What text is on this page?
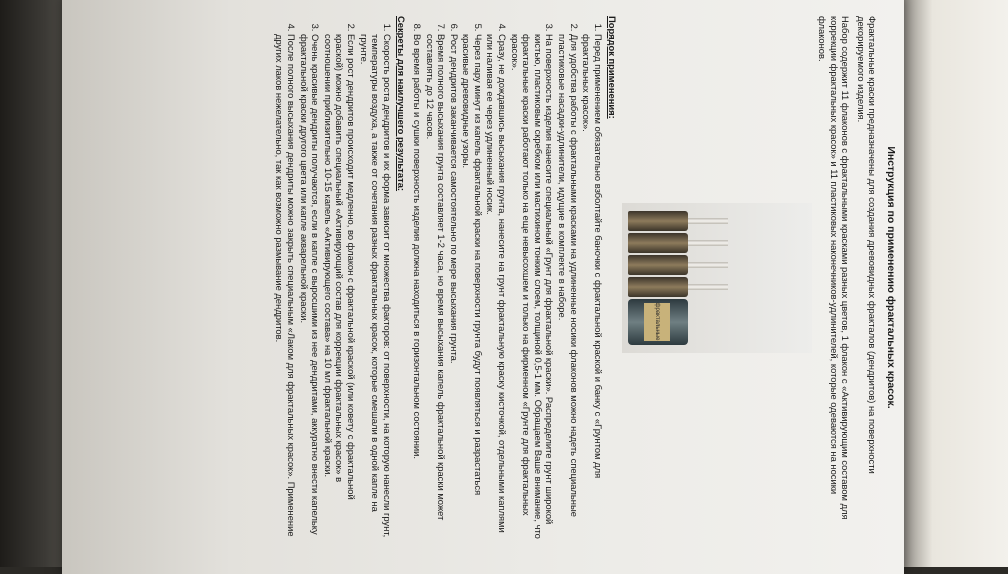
Инструкция по применению фрактальных красок.

Фрактальные краски предназначены для создания древовидных фракталов (дендритов) на поверхности декорируемого изделия.

Набор содержит 11 флаконов с фрактальными красками разных цветов, 1 флакон с «Активирующим составом для коррекции фрактальных красок» и 11 пластиковых наконечников-удлинителей, которые одеваются на носики флаконов.

фрактальные
Порядок применения:
1. Перед применением обязательно взболтайте баночки с фрактальной краской и банку с «Грунтом для фрактальных красок».
2. Для удобства работы с фрактальными красками на удлиненные носики флаконов можно надеть специальные пластиковые насадки-удлинители, идущие в комплекте в наборе.
3. На поверхность изделия нанесите специальный «Грунт для фрактальной краски». Распределите грунт широкой кистью, пластиковым скребком или мастихином тонким слоем, толщиной 0,5-1 мм. Обращаем Ваше внимание, что фрактальные краски работают только на еще невысохшем и только на фирменном «Грунте для фрактальных красок».
4. Сразу, не дождавшись высыхания грунта, нанесите на грунт фрактальную краску кисточкой, отдельными каплями или наливая ее через удлиненный носик.
5. Через пару минут из капель фрактальной краски на поверхности грунта будут появляться и разрастаться красивые древовидные узоры.
6. Рост дендритов заканчивается самостоятельно по мере высыхания грунта.
7. Время полного высыхания грунта составляет 1-2 часа, но время высыхания капель фрактальной краски может составлять до 12 часов.
8. Во время работы и сушки поверхность изделия должна находиться в горизонтальном состоянии.
Секреты для наилучшего результата:
1. Скорость роста дендритов и их форма зависит от множества факторов: от поверхности, на которую нанесли грунт, температуры воздуха, а также от сочетания разных фрактальных красок, которые смешали в одной капле на грунте.
2. Если рост дендритов происходит медленно, во флакон с фрактальной краской (или ковету с фрактальной краской) можно добавить специальный «Активирующий состав для коррекции фрактальных красок» в соотношении приблизительно 10-15 капель «Активирующего состава» на 10 мл фрактальной краски.
3. Очень красивые дендриты получаются, если в капле с выросшими из нее дендритами, аккуратно внести капельку фрактальной краски другого цвета или капле акварельной краски.
4. После полного высыхания дендриты можно закрыть специальным «Лаком для фрактальных красок». Применение других лаков нежелательно, так как возможно размывание дендритов.
